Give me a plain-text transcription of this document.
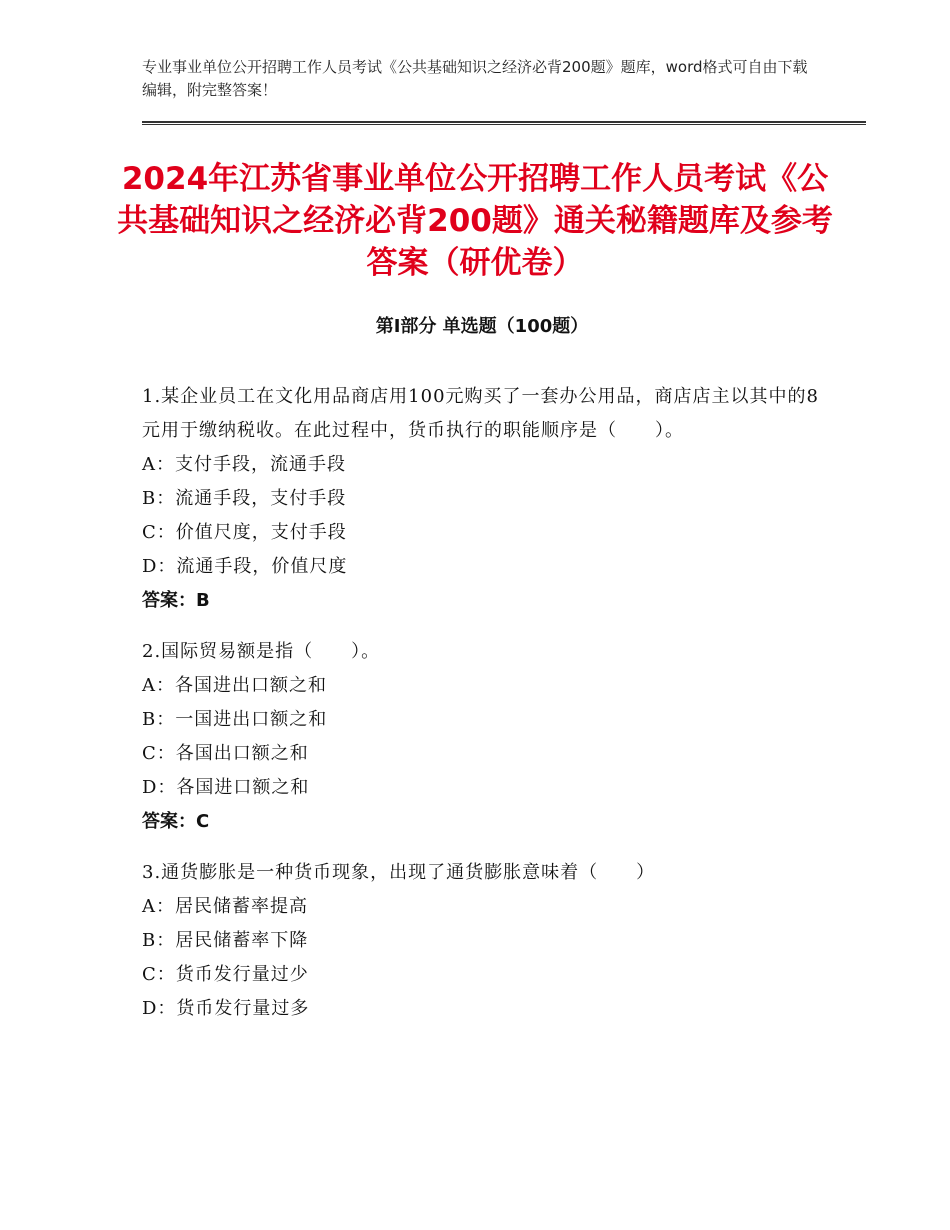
专业事业单位公开招聘工作人员考试《公共基础知识之经济必背200题》题库，word格式可自由下载编辑，附完整答案！
2024年江苏省事业单位公开招聘工作人员考试《公共基础知识之经济必背200题》通关秘籍题库及参考答案（研优卷）
第Ⅰ部分 单选题（100题）
1.某企业员工在文化用品商店用100元购买了一套办公用品，商店店主以其中的8元用于缴纳税收。在此过程中，货币执行的职能顺序是（　　）。
A：支付手段，流通手段
B：流通手段，支付手段
C：价值尺度，支付手段
D：流通手段，价值尺度
答案：B
2.国际贸易额是指（　　）。
A：各国进出口额之和
B：一国进出口额之和
C：各国出口额之和
D：各国进口额之和
答案：C
3.通货膨胀是一种货币现象，出现了通货膨胀意味着（　　）
A：居民储蓄率提高
B：居民储蓄率下降
C：货币发行量过少
D：货币发行量过多
